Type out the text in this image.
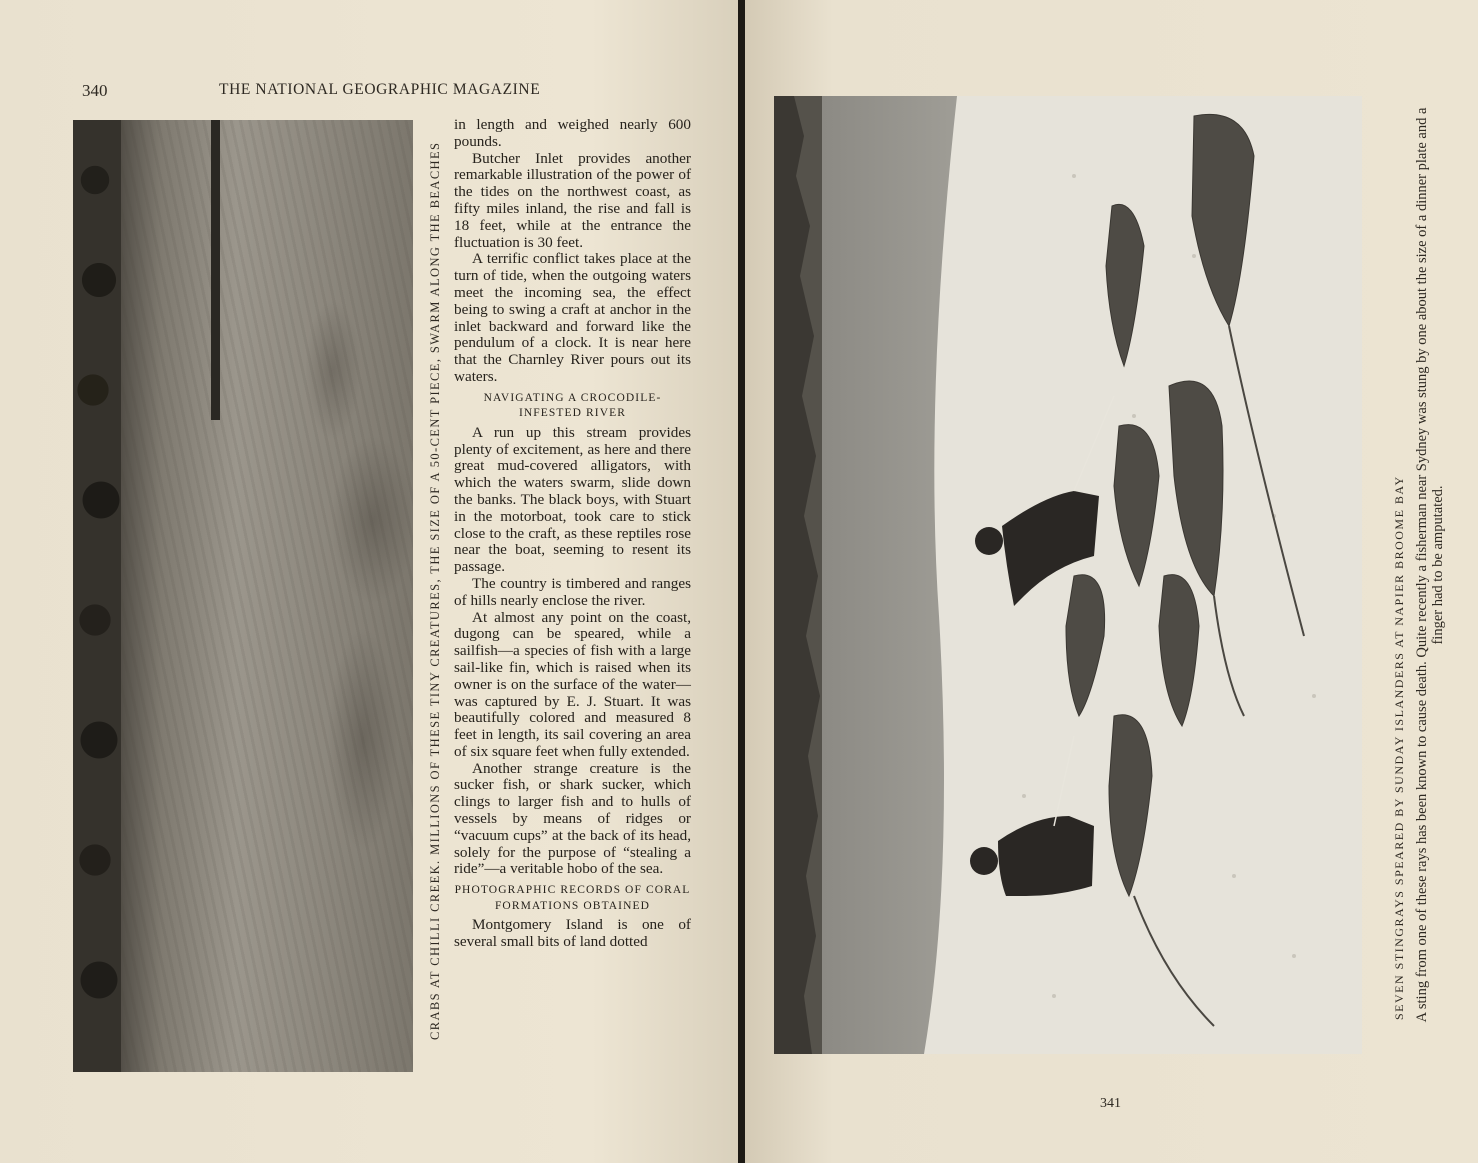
340	THE NATIONAL GEOGRAPHIC MAGAZINE
CRABS AT CHILLI CREEK. MILLIONS OF THESE TINY CREATURES, THE SIZE OF A 50-CENT PIECE, SWARM ALONG THE BEACHES

in length and weighed nearly 600 pounds.

Butcher Inlet provides another remarkable illustration of the power of the tides on the northwest coast, as fifty miles inland, the rise and fall is 18 feet, while at the entrance the fluctuation is 30 feet.

A terrific conflict takes place at the turn of tide, when the outgoing waters meet the incoming sea, the effect being to swing a craft at anchor in the inlet backward and forward like the pendulum of a clock. It is near here that the Charnley River pours out its waters.

NAVIGATING A CROCODILE-INFESTED RIVER

A run up this stream provides plenty of excitement, as here and there great mud-covered alligators, with which the waters swarm, slide down the banks. The black boys, with Stuart in the motorboat, took care to stick close to the craft, as these reptiles rose near the boat, seeming to resent its passage.

The country is timbered and ranges of hills nearly enclose the river.

At almost any point on the coast, dugong can be speared, while a sailfish—a species of fish with a large sail-like fin, which is raised when its owner is on the surface of the water—was captured by E. J. Stuart. It was beautifully colored and measured 8 feet in length, its sail covering an area of six square feet when fully extended.

Another strange creature is the sucker fish, or shark sucker, which clings to larger fish and to hulls of vessels by means of ridges or “vacuum cups” at the back of its head, solely for the purpose of “stealing a ride”—a veritable hobo of the sea.

PHOTOGRAPHIC RECORDS OF CORAL FORMATIONS OBTAINED

Montgomery Island is one of several small bits of land dotted	SEVEN STINGRAYS SPEARED BY SUNDAY ISLANDERS AT NAPIER BROOME BAY A sting from one of these rays has been known to cause death. Quite recently a fisherman near Sydney was stung by one about the size of a dinner plate and a finger had to be amputated.
341
